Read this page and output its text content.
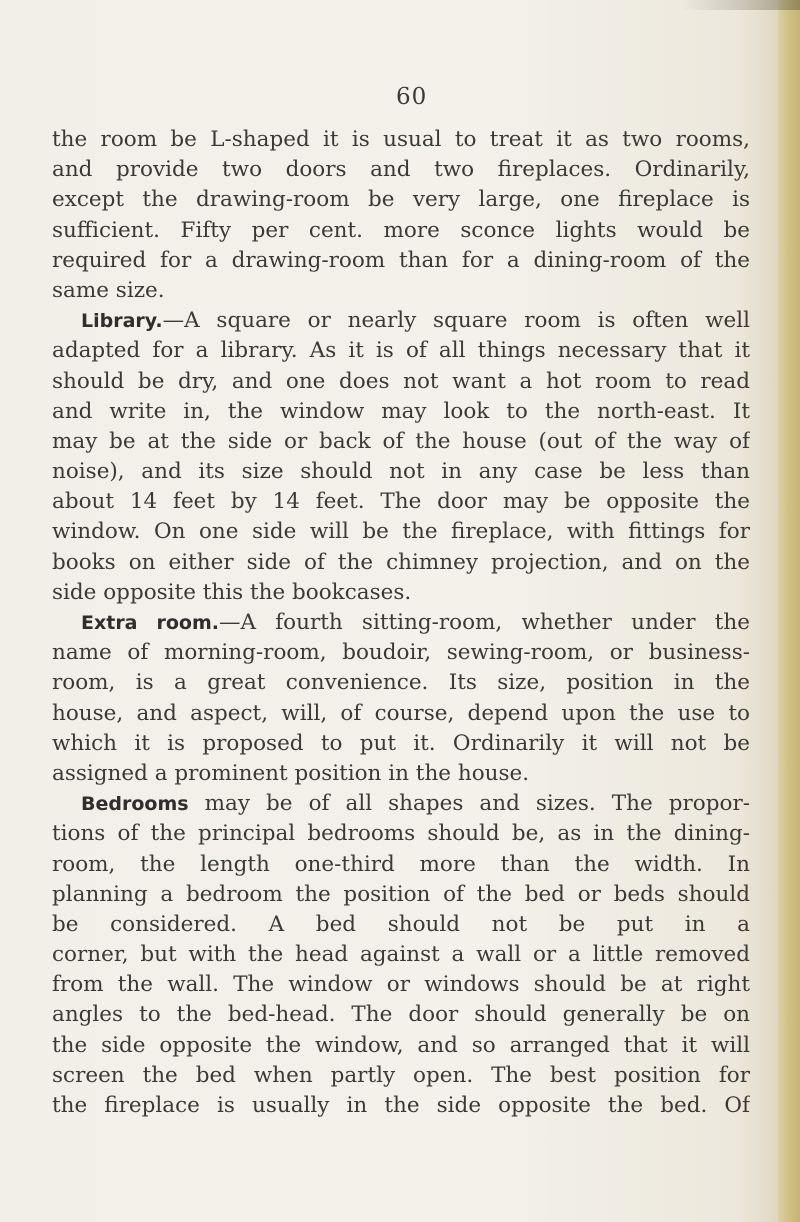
60
the room be L-shaped it is usual to treat it as two rooms,
and provide two doors and two fireplaces. Ordinarily,
except the drawing-room be very large, one fireplace is
sufficient. Fifty per cent. more sconce lights would be
required for a drawing-room than for a dining-room of the
same size.
Library.—A square or nearly square room is often well
adapted for a library. As it is of all things necessary that it
should be dry, and one does not want a hot room to read
and write in, the window may look to the north-east. It
may be at the side or back of the house (out of the way of
noise), and its size should not in any case be less than
about 14 feet by 14 feet. The door may be opposite the
window. On one side will be the fireplace, with fittings for
books on either side of the chimney projection, and on the
side opposite this the bookcases.
Extra room.—A fourth sitting-room, whether under the
name of morning-room, boudoir, sewing-room, or business-
room, is a great convenience. Its size, position in the
house, and aspect, will, of course, depend upon the use to
which it is proposed to put it. Ordinarily it will not be
assigned a prominent position in the house.
Bedrooms may be of all shapes and sizes. The propor-
tions of the principal bedrooms should be, as in the dining-
room, the length one-third more than the width. In
planning a bedroom the position of the bed or beds should
be considered. A bed should not be put in a
corner, but with the head against a wall or a little removed
from the wall. The window or windows should be at right
angles to the bed-head. The door should generally be on
the side opposite the window, and so arranged that it will
screen the bed when partly open. The best position for
the fireplace is usually in the side opposite the bed. Of
